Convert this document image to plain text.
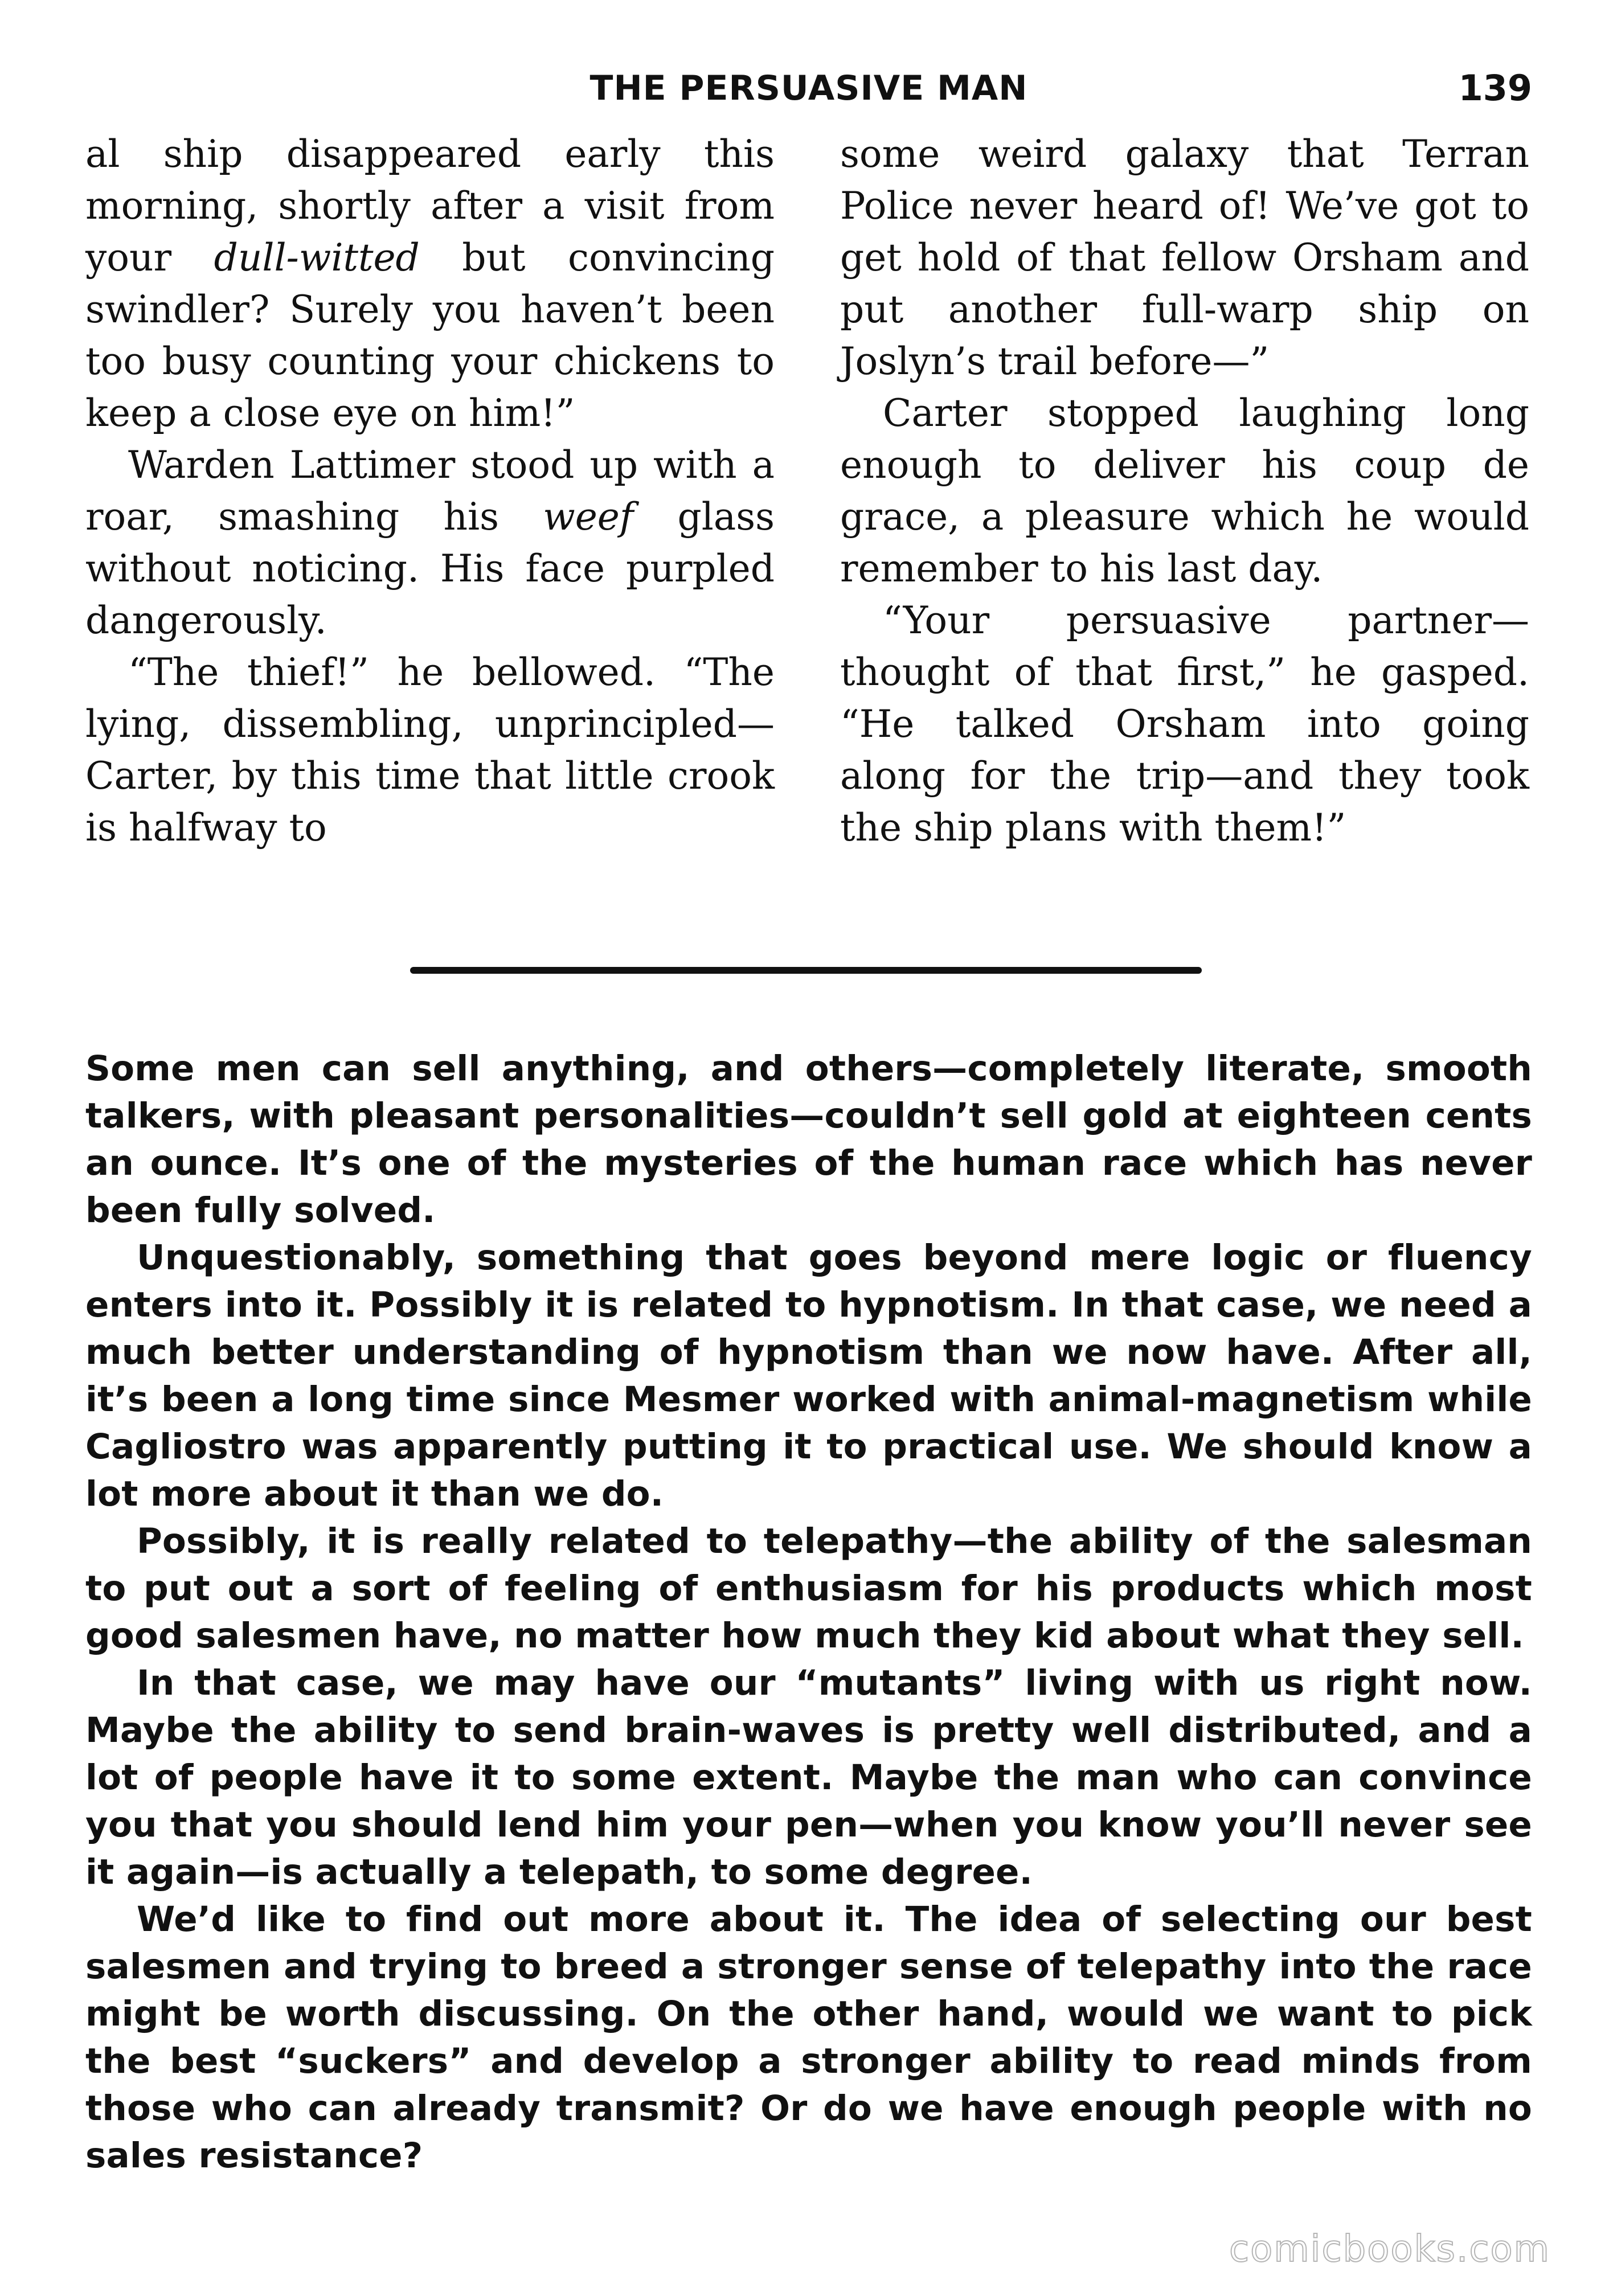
THE PERSUASIVE MAN	139

al ship disappeared early this morning, shortly after a visit from your dull-witted but convincing swindler? Surely you haven’t been too busy counting your chickens to keep a close eye on him!”

Warden Lattimer stood up with a roar, smashing his weef glass without noticing. His face purpled dangerously.

“The thief!” he bellowed. “The lying, dissembling, unprincipled—Carter, by this time that little crook is halfway to

some weird galaxy that Terran Police never heard of! We’ve got to get hold of that fellow Orsham and put another full-warp ship on Joslyn’s trail before—”

Carter stopped laughing long enough to deliver his coup de grace, a pleasure which he would remember to his last day.

“Your persuasive partner—thought of that first,” he gasped. “He talked Orsham into going along for the trip—and they took the ship plans with them!”

Some men can sell anything, and others—completely literate, smooth talkers, with pleasant personalities—couldn’t sell gold at eighteen cents an ounce. It’s one of the mysteries of the human race which has never been fully solved.

Unquestionably, something that goes beyond mere logic or fluency enters into it. Possibly it is related to hypnotism. In that case, we need a much better understanding of hypnotism than we now have. After all, it’s been a long time since Mesmer worked with animal-magnetism while Cagliostro was apparently putting it to practical use. We should know a lot more about it than we do.

Possibly, it is really related to telepathy—the ability of the salesman to put out a sort of feeling of enthusiasm for his products which most good salesmen have, no matter how much they kid about what they sell.

In that case, we may have our “mutants” living with us right now. Maybe the ability to send brain-waves is pretty well distributed, and a lot of people have it to some extent. Maybe the man who can convince you that you should lend him your pen—when you know you’ll never see it again—is actually a telepath, to some degree.

We’d like to find out more about it. The idea of selecting our best salesmen and trying to breed a stronger sense of telepathy into the race might be worth discussing. On the other hand, would we want to pick the best “suckers” and develop a stronger ability to read minds from those who can already transmit? Or do we have enough people with no sales resistance?

comicbooks.com
